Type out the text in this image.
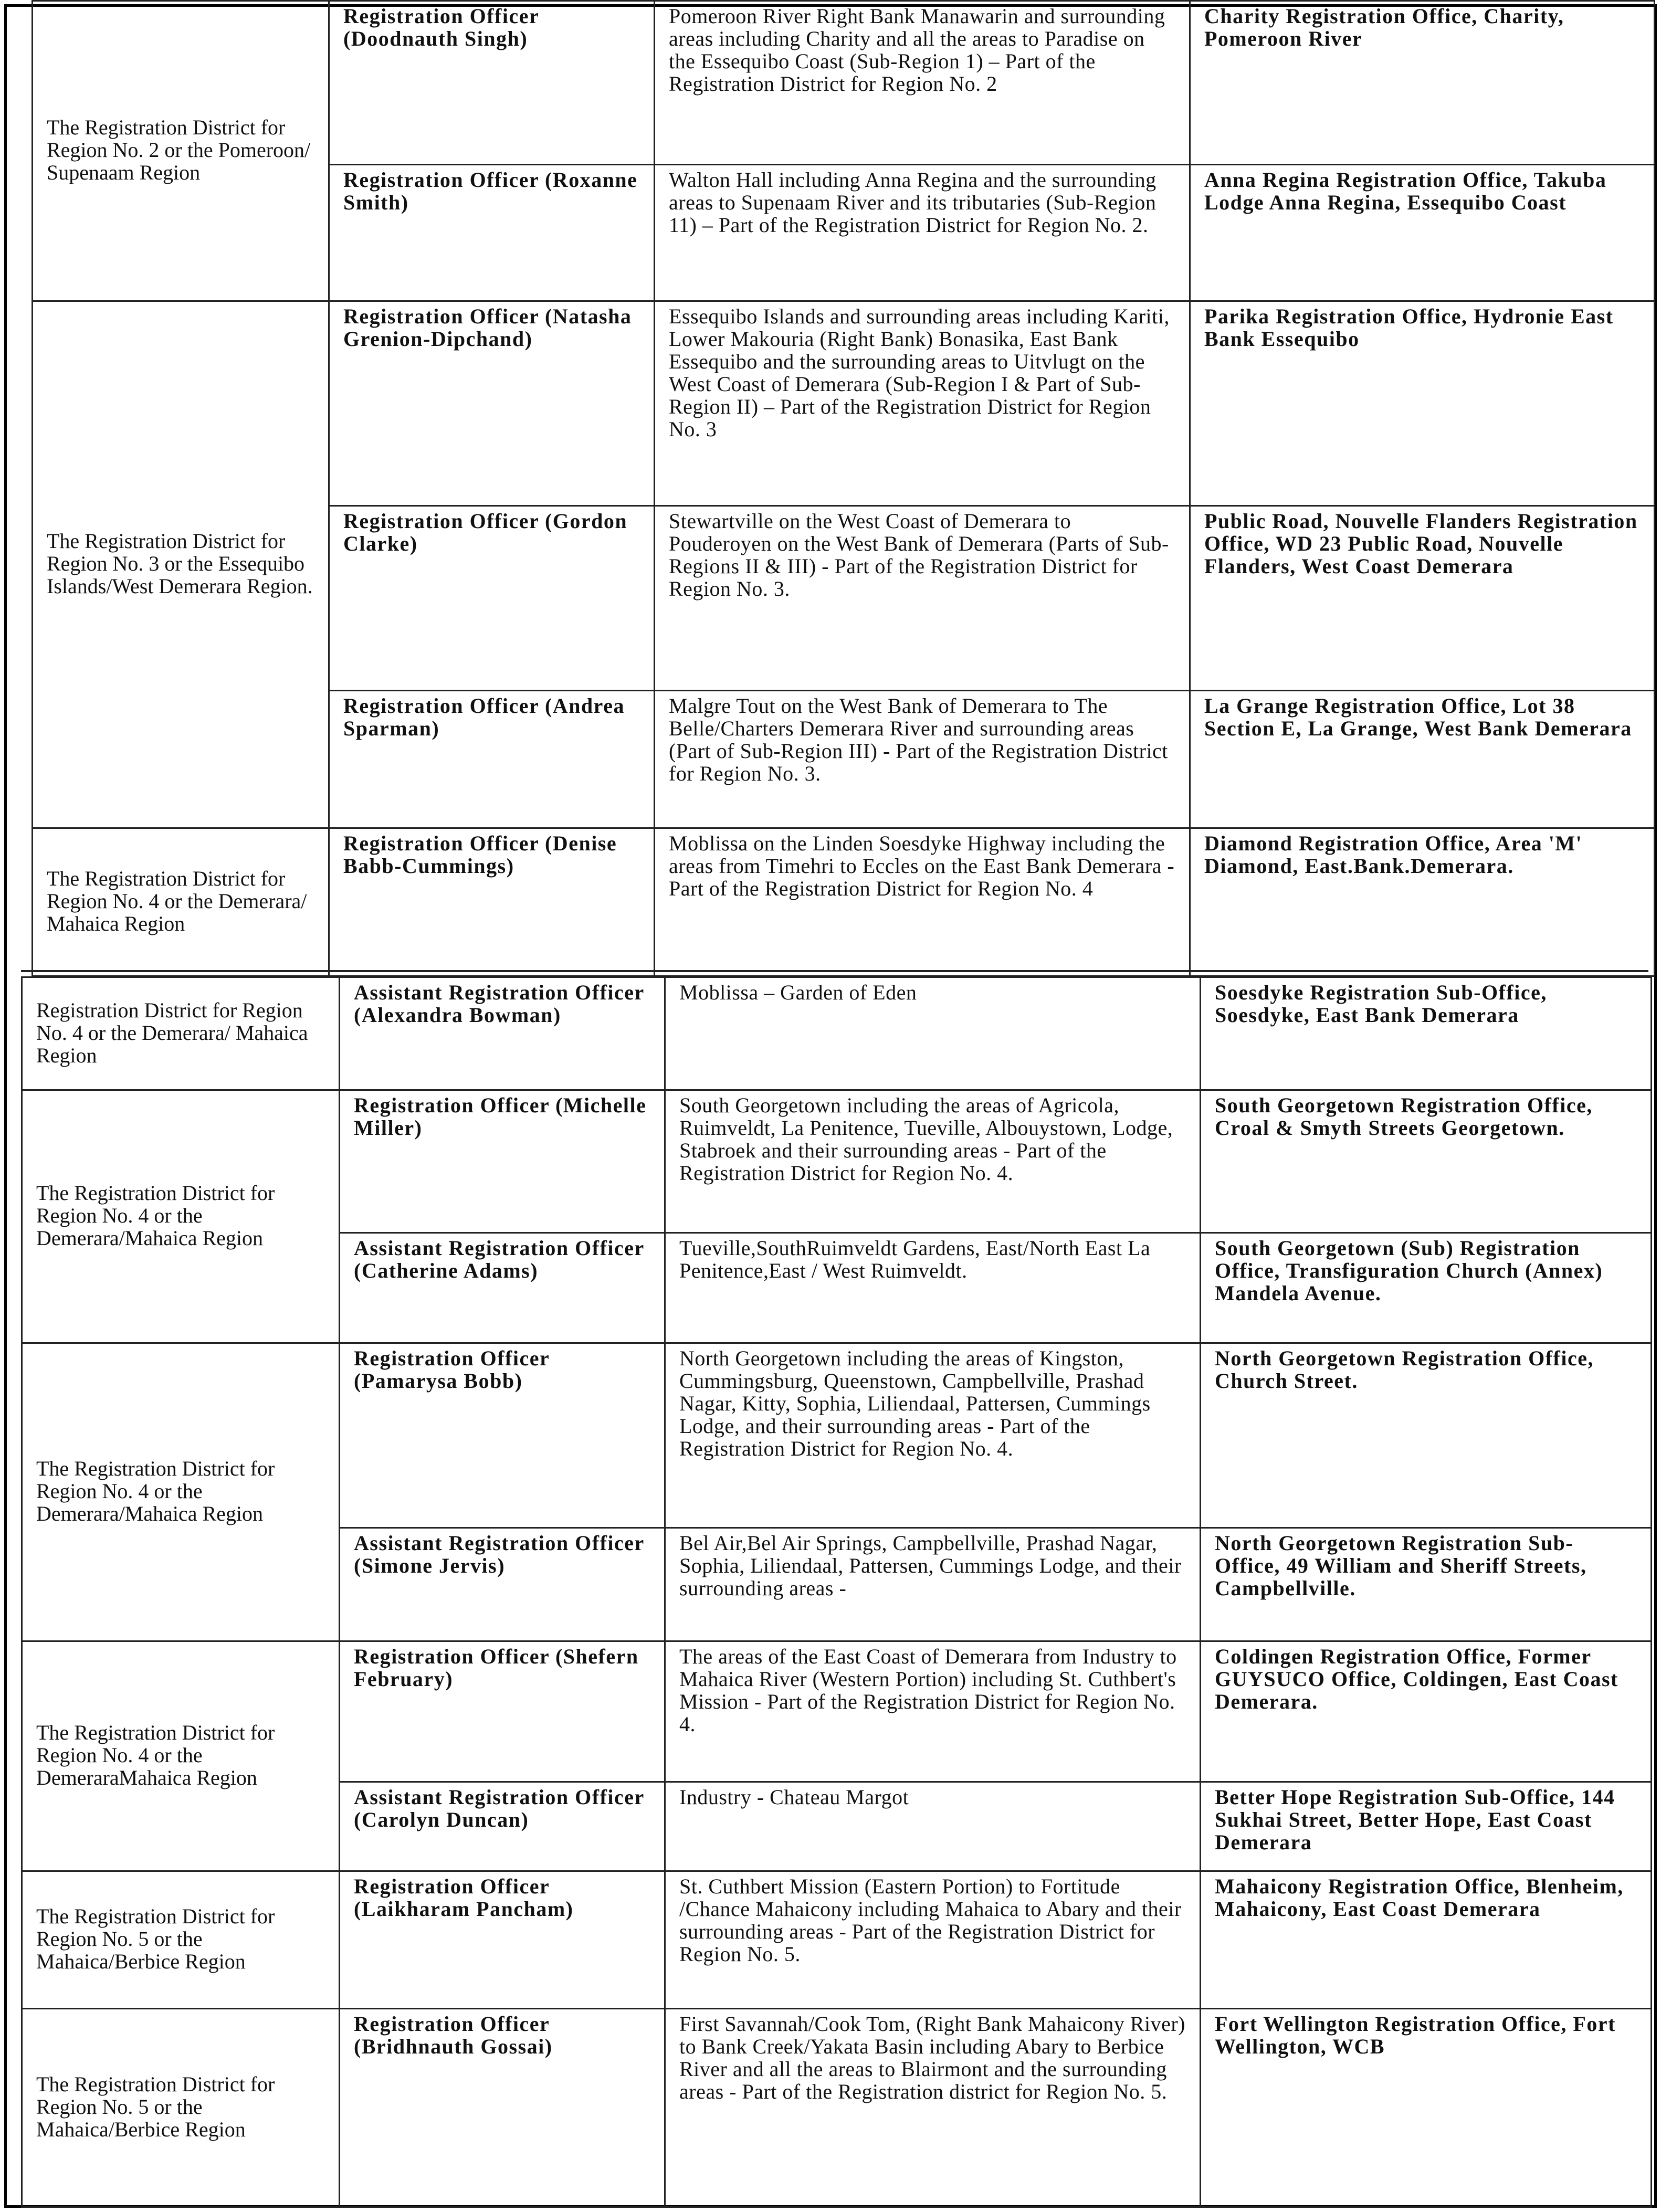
The Registration District for Region No. 2 or the Pomeroon/ Supenaam Region	Registration Officer (Doodnauth Singh)	Pomeroon River Right Bank Manawarin and surrounding areas including Charity and all the areas to Paradise on the Essequibo Coast (Sub-Region 1) – Part of the Registration District for Region No. 2	Charity Registration Office, Charity, Pomeroon River
	Registration Officer (Roxanne Smith)	Walton Hall including Anna Regina and the surrounding areas to Supenaam River and its tributaries (Sub-Region 11) – Part of the Registration District for Region No. 2.	Anna Regina Registration Office, Takuba Lodge Anna Regina, Essequibo Coast
The Registration District for Region No. 3 or the Essequibo Islands/West Demerara Region.	Registration Officer (Natasha Grenion-Dipchand)	Essequibo Islands and surrounding areas including Kariti, Lower Makouria (Right Bank) Bonasika, East Bank Essequibo and the surrounding areas to Uitvlugt on the West Coast of Demerara (Sub-Region I & Part of Sub-Region II) – Part of the Registration District for Region No. 3	Parika Registration Office, Hydronie East Bank Essequibo
	Registration Officer (Gordon Clarke)	Stewartville on the West Coast of Demerara to Pouderoyen on the West Bank of Demerara (Parts of Sub-Regions II & III) - Part of the Registration District for Region No. 3.	Public Road, Nouvelle Flanders Registration Office, WD 23 Public Road, Nouvelle Flanders, West Coast Demerara
	Registration Officer (Andrea Sparman)	Malgre Tout on the West Bank of Demerara to The Belle/Charters Demerara River and surrounding areas (Part of Sub-Region III) - Part of the Registration District for Region No. 3.	La Grange Registration Office, Lot 38 Section E, La Grange, West Bank Demerara
The Registration District for Region No. 4 or the Demerara/ Mahaica Region	Registration Officer (Denise Babb-Cummings)	Moblissa on the Linden Soesdyke Highway including the areas from Timehri to Eccles on the East Bank Demerara - Part of the Registration District for Region No. 4	Diamond Registration Office, Area 'M' Diamond, East.Bank.Demerara.
Registration District for Region No. 4 or the Demerara/ Mahaica Region	Assistant Registration Officer (Alexandra Bowman)	Moblissa – Garden of Eden	Soesdyke Registration Sub-Office, Soesdyke, East Bank Demerara
The Registration District for Region No. 4 or the Demerara/Mahaica Region	Registration Officer (Michelle Miller)	South Georgetown including the areas of Agricola, Ruimveldt, La Penitence, Tueville, Albouystown, Lodge, Stabroek and their surrounding areas - Part of the Registration District for Region No. 4.	South Georgetown Registration Office, Croal & Smyth Streets Georgetown.
	Assistant Registration Officer (Catherine Adams)	Tueville,SouthRuimveldt Gardens, East/North East La Penitence,East / West Ruimveldt.	South Georgetown (Sub) Registration Office, Transfiguration Church (Annex) Mandela Avenue.
The Registration District for Region No. 4 or the Demerara/Mahaica Region	Registration Officer (Pamarysa Bobb)	North Georgetown including the areas of Kingston, Cummingsburg, Queenstown, Campbellville, Prashad Nagar, Kitty, Sophia, Liliendaal, Pattersen, Cummings Lodge, and their surrounding areas - Part of the Registration District for Region No. 4.	North Georgetown Registration Office, Church Street.
	Assistant Registration Officer (Simone Jervis)	Bel Air,Bel Air Springs, Campbellville, Prashad Nagar, Sophia, Liliendaal, Pattersen, Cummings Lodge, and their surrounding areas -	North Georgetown Registration Sub-Office, 49 William and Sheriff Streets, Campbellville.
The Registration District for Region No. 4 or the DemeraraMahaica Region	Registration Officer (Shefern February)	The areas of the East Coast of Demerara from Industry to Mahaica River (Western Portion) including St. Cuthbert's Mission - Part of the Registration District for Region No. 4.	Coldingen Registration Office, Former GUYSUCO Office, Coldingen, East Coast Demerara.
	Assistant Registration Officer (Carolyn Duncan)	Industry - Chateau Margot	Better Hope Registration Sub-Office, 144 Sukhai Street, Better Hope, East Coast Demerara
The Registration District for Region No. 5 or the Mahaica/Berbice Region	Registration Officer (Laikharam Pancham)	St. Cuthbert Mission (Eastern Portion) to Fortitude /Chance Mahaicony including Mahaica to Abary and their surrounding areas - Part of the Registration District for Region No. 5.	Mahaicony Registration Office, Blenheim, Mahaicony, East Coast Demerara
The Registration District for Region No. 5 or the Mahaica/Berbice Region	Registration Officer (Bridhnauth Gossai)	First Savannah/Cook Tom, (Right Bank Mahaicony River) to Bank Creek/Yakata Basin including Abary to Berbice River and all the areas to Blairmont and the surrounding areas - Part of the Registration district for Region No. 5.	Fort Wellington Registration Office, Fort Wellington, WCB
